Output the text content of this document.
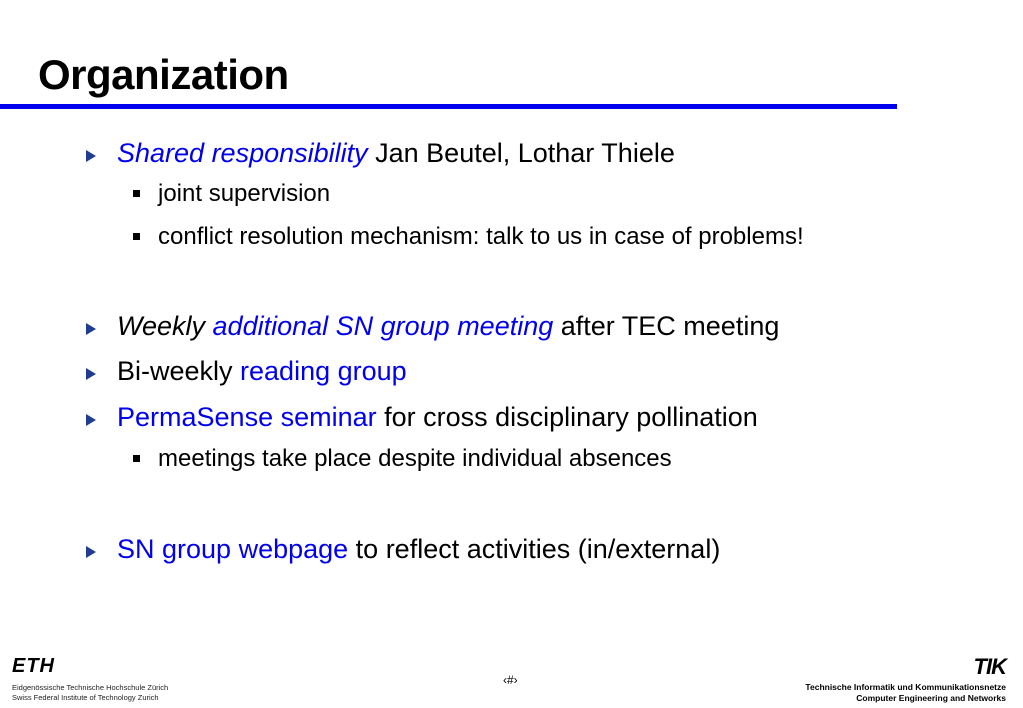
Organization
Shared responsibility Jan Beutel, Lothar Thiele
joint supervision
conflict resolution mechanism: talk to us in case of problems!
Weekly additional SN group meeting after TEC meeting
Bi-weekly reading group
PermaSense seminar for cross disciplinary pollination
meetings take place despite individual absences
SN group webpage to reflect activities (in/external)
ETH
Eidgenössische Technische Hochschule Zürich
Swiss Federal Institute of Technology Zurich
‹#›
TIK
Technische Informatik und Kommunikationsnetze
Computer Engineering and Networks
